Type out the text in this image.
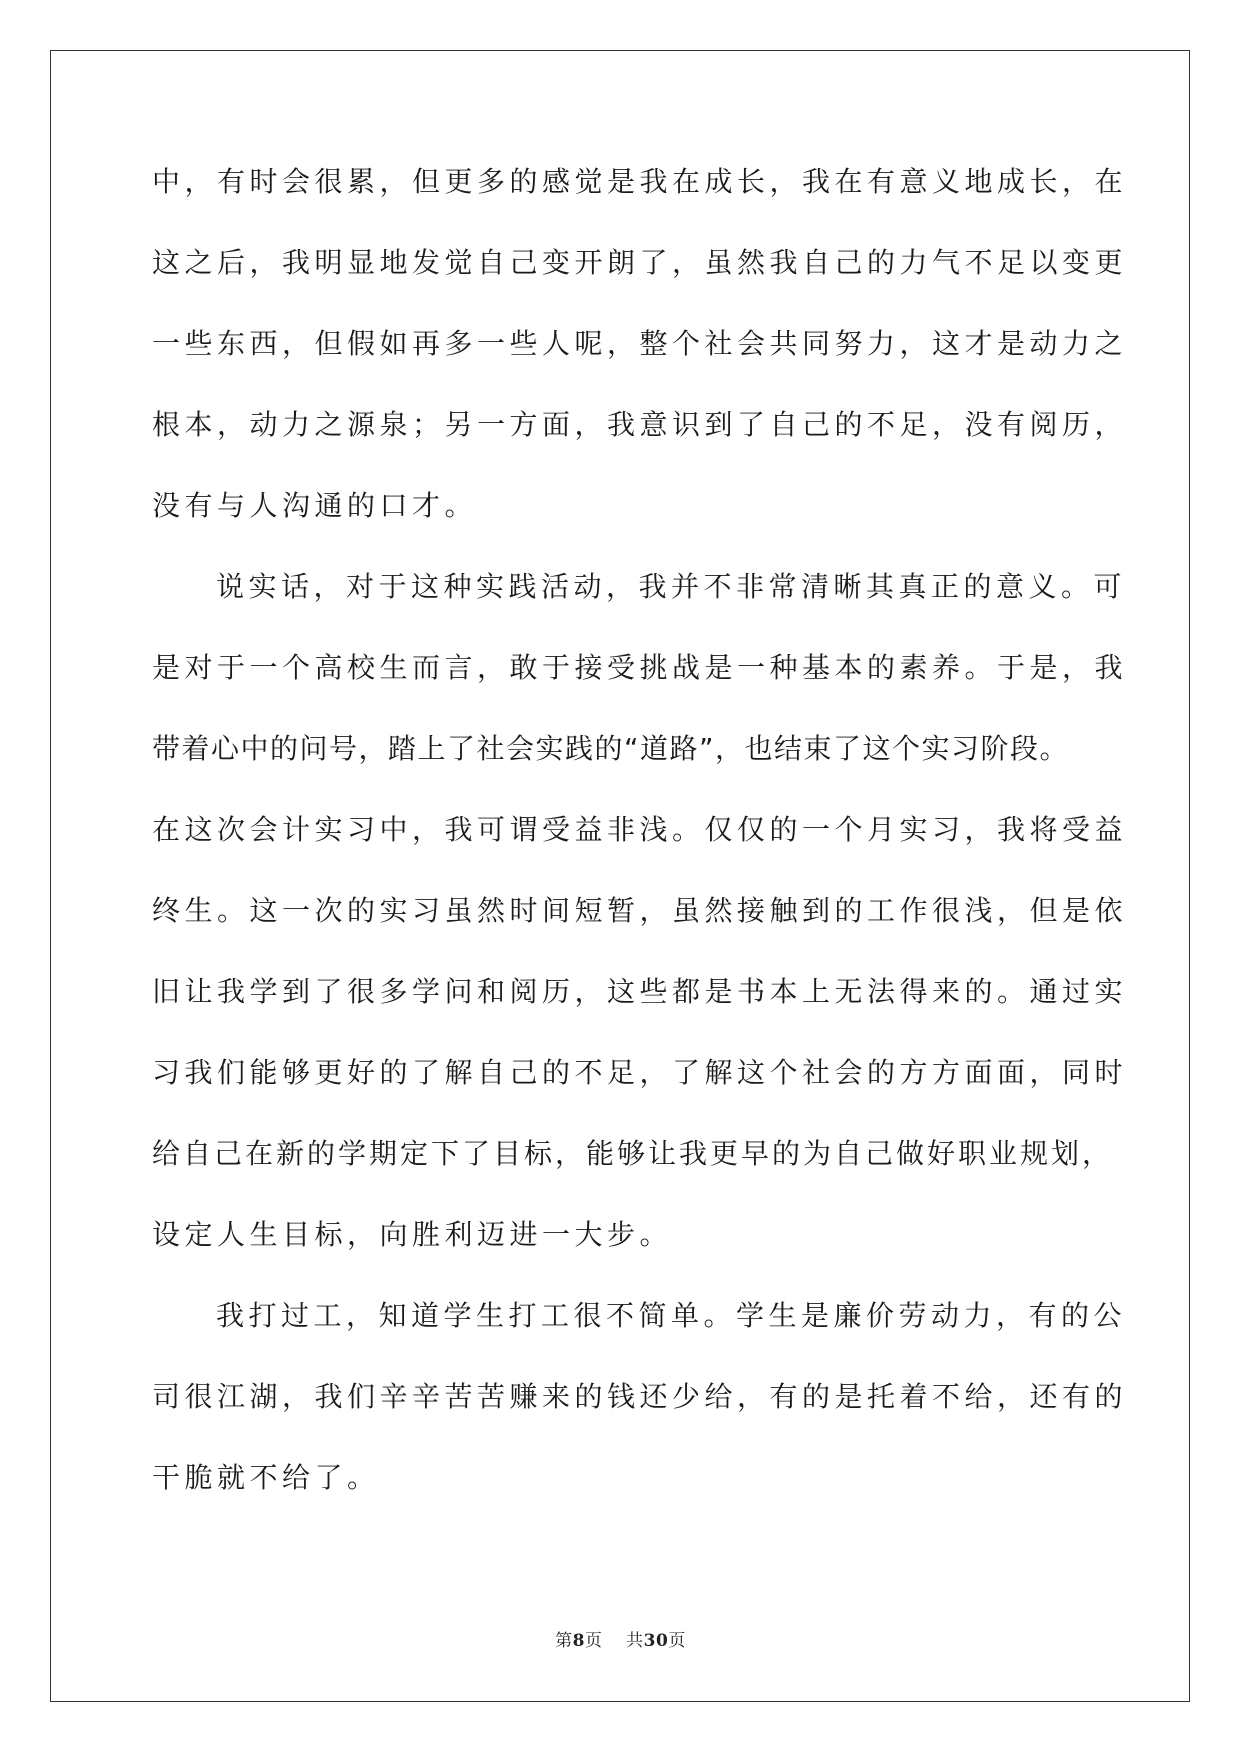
中，有时会很累，但更多的感觉是我在成长，我在有意义地成长，在
这之后，我明显地发觉自己变开朗了，虽然我自己的力气不足以变更
一些东西，但假如再多一些人呢，整个社会共同努力，这才是动力之
根本，动力之源泉；另一方面，我意识到了自己的不足，没有阅历，
没有与人沟通的口才。
说实话，对于这种实践活动，我并不非常清晰其真正的意义。可
是对于一个高校生而言，敢于接受挑战是一种基本的素养。于是，我
带着心中的问号，踏上了社会实践的“道路”，也结束了这个实习阶段。
在这次会计实习中，我可谓受益非浅。仅仅的一个月实习，我将受益
终生。这一次的实习虽然时间短暂，虽然接触到的工作很浅，但是依
旧让我学到了很多学问和阅历，这些都是书本上无法得来的。通过实
习我们能够更好的了解自己的不足，了解这个社会的方方面面，同时
给自己在新的学期定下了目标，能够让我更早的为自己做好职业规划，
设定人生目标，向胜利迈进一大步。
我打过工，知道学生打工很不简单。学生是廉价劳动力，有的公
司很江湖，我们辛辛苦苦赚来的钱还少给，有的是托着不给，还有的
干脆就不给了。
第8页 共30页
